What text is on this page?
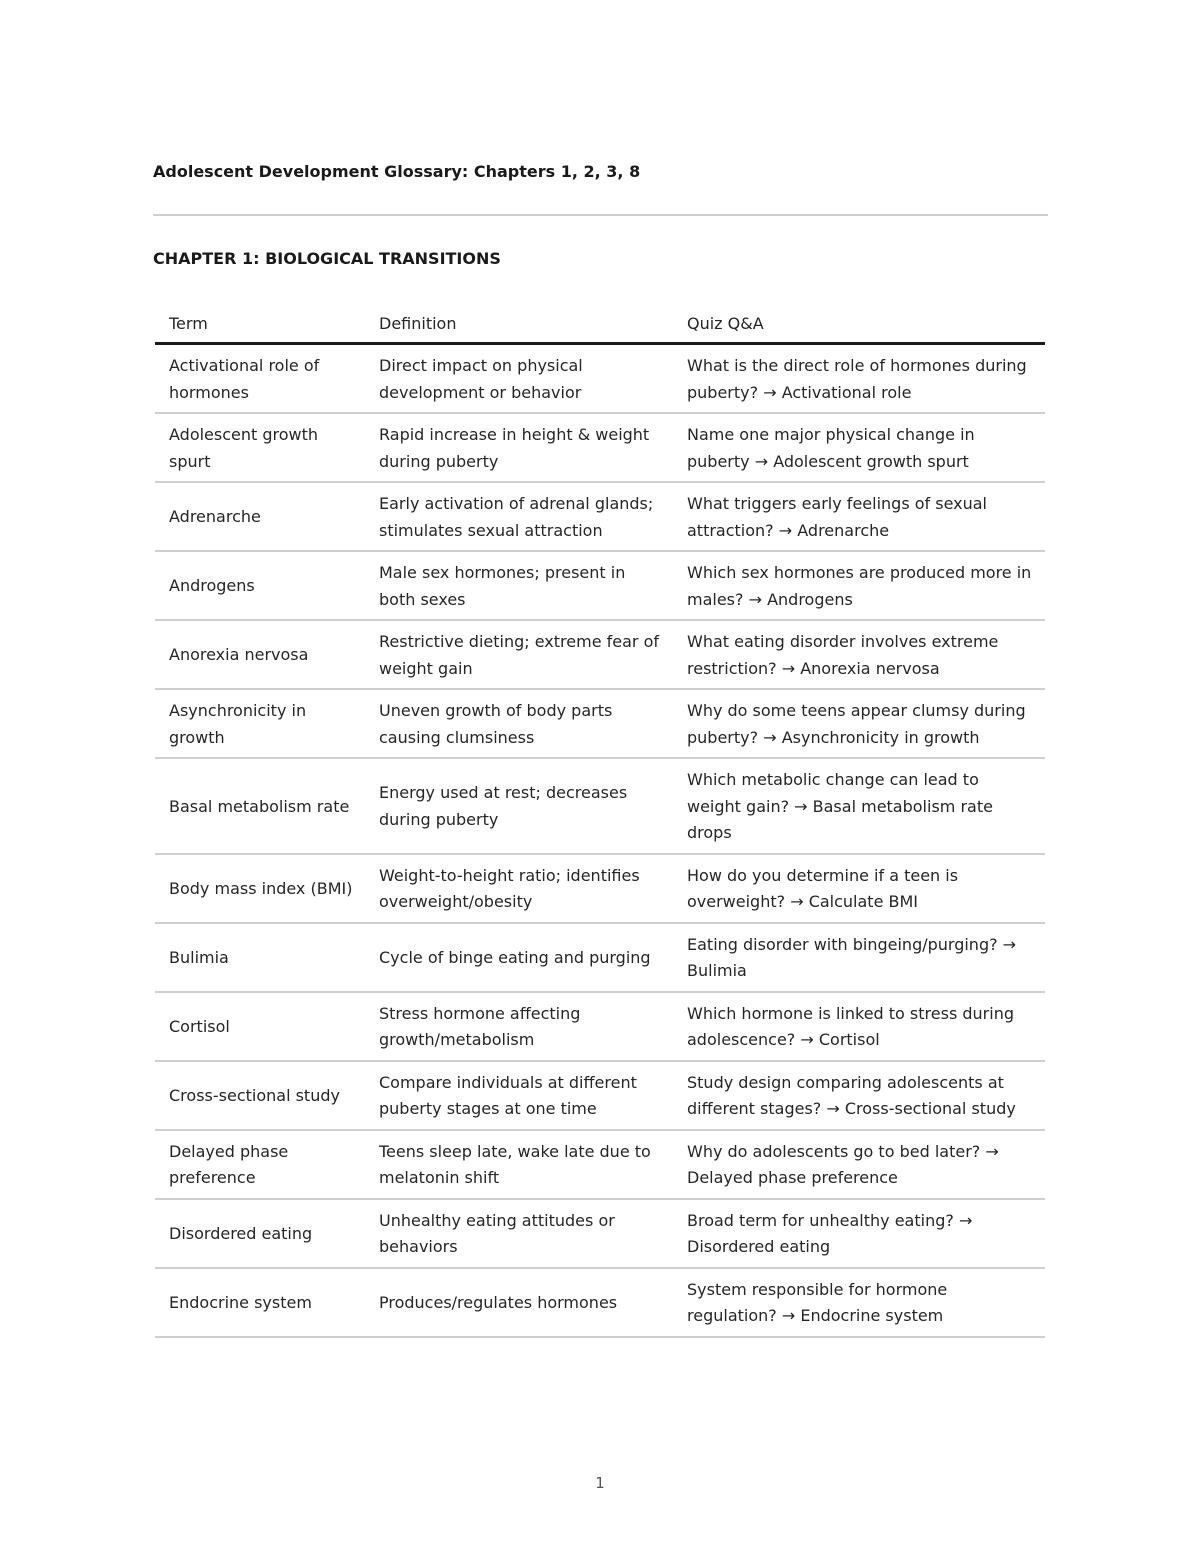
Adolescent Development Glossary: Chapters 1, 2, 3, 8
CHAPTER 1: BIOLOGICAL TRANSITIONS
Term	Definition	Quiz Q&A
Activational role of hormones	Direct impact on physical development or behavior	What is the direct role of hormones during puberty? → Activational role
Adolescent growth spurt	Rapid increase in height & weight during puberty	Name one major physical change in puberty → Adolescent growth spurt
Adrenarche	Early activation of adrenal glands; stimulates sexual attraction	What triggers early feelings of sexual attraction? → Adrenarche
Androgens	Male sex hormones; present in both sexes	Which sex hormones are produced more in males? → Androgens
Anorexia nervosa	Restrictive dieting; extreme fear of weight gain	What eating disorder involves extreme restriction? → Anorexia nervosa
Asynchronicity in growth	Uneven growth of body parts causing clumsiness	Why do some teens appear clumsy during puberty? → Asynchronicity in growth
Basal metabolism rate	Energy used at rest; decreases during puberty	Which metabolic change can lead to weight gain? → Basal metabolism rate drops
Body mass index (BMI)	Weight-to-height ratio; identifies overweight/obesity	How do you determine if a teen is overweight? → Calculate BMI
Bulimia	Cycle of binge eating and purging	Eating disorder with bingeing/purging? → Bulimia
Cortisol	Stress hormone affecting growth/metabolism	Which hormone is linked to stress during adolescence? → Cortisol
Cross-sectional study	Compare individuals at different puberty stages at one time	Study design comparing adolescents at different stages? → Cross-sectional study
Delayed phase preference	Teens sleep late, wake late due to melatonin shift	Why do adolescents go to bed later? → Delayed phase preference
Disordered eating	Unhealthy eating attitudes or behaviors	Broad term for unhealthy eating? → Disordered eating
Endocrine system	Produces/regulates hormones	System responsible for hormone regulation? → Endocrine system
1
